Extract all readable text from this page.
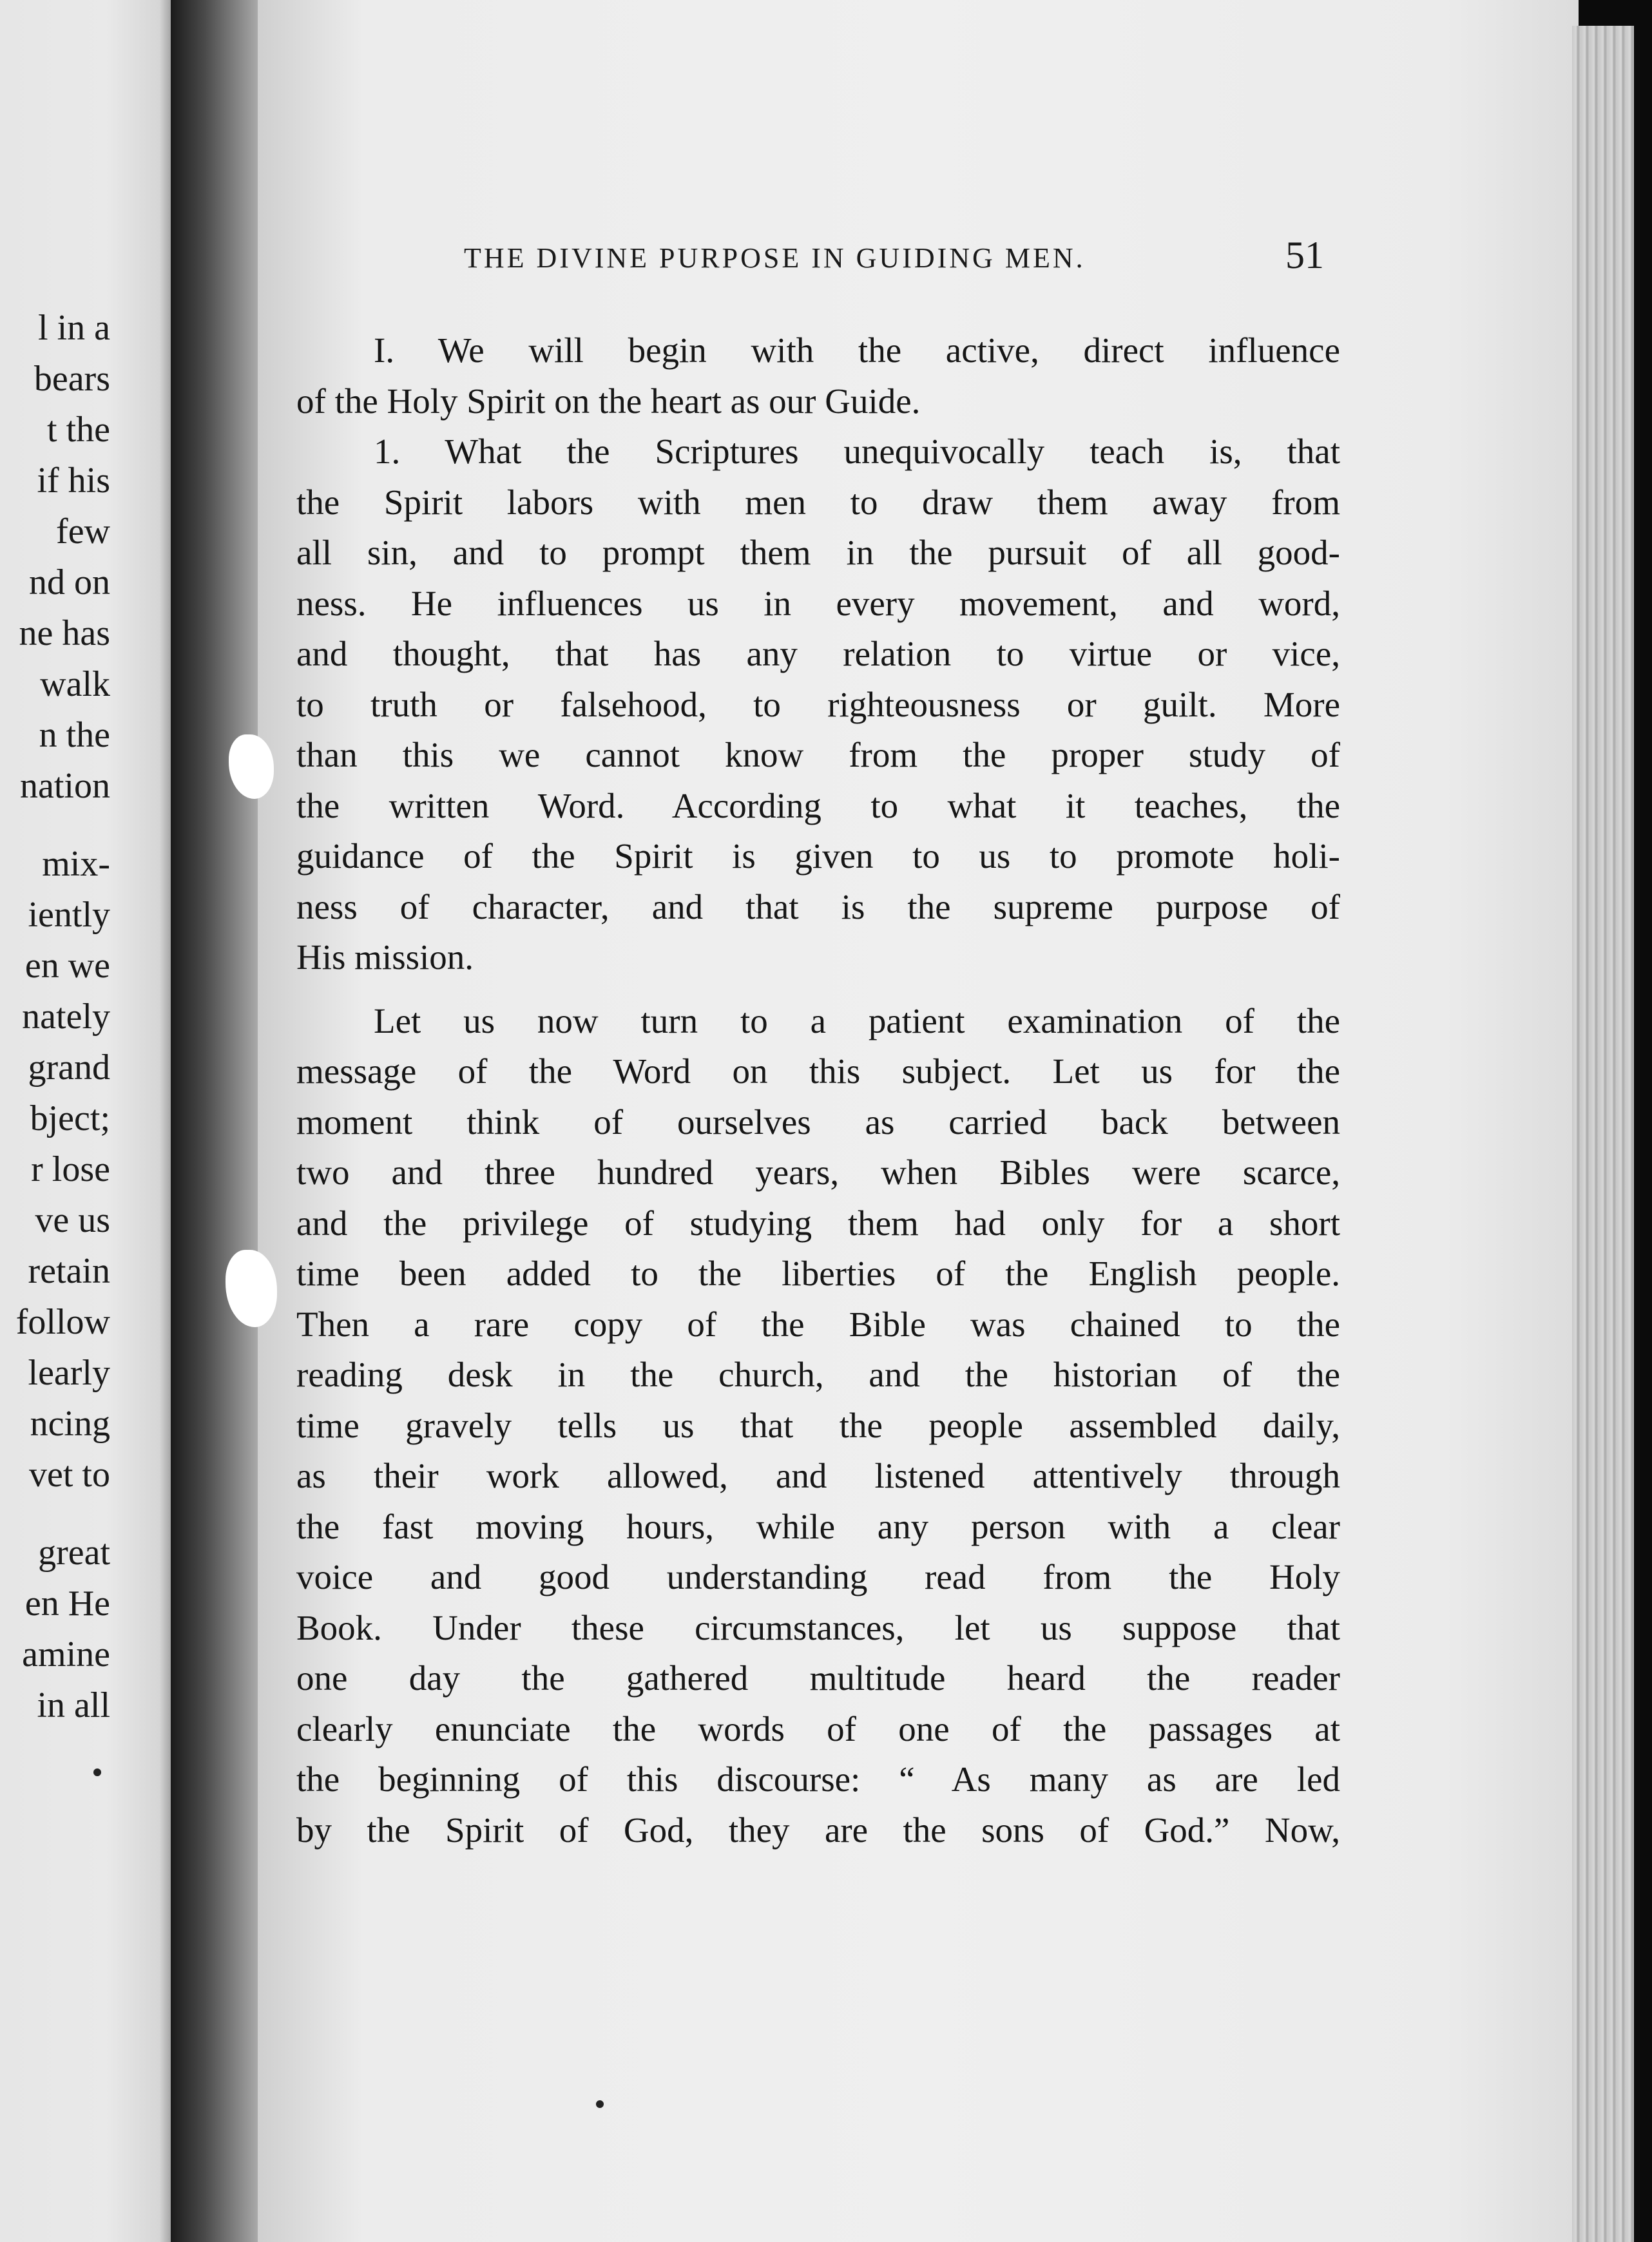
l in a
bears
t the
if his
few
nd on
ne has
walk
n the
nation
mix-
iently
en we
nately
grand
bject;
r lose
ve us
retain
follow
learly
ncing
vet to
great
en He
amine
in all
THE DIVINE PURPOSE IN GUIDING MEN.	51
I. We will begin with the active, direct influence
of the Holy Spirit on the heart as our Guide.
1. What the Scriptures unequivocally teach is, that
the Spirit labors with men to draw them away from
all sin, and to prompt them in the pursuit of all good-
ness. He influences us in every movement, and word,
and thought, that has any relation to virtue or vice,
to truth or falsehood, to righteousness or guilt. More
than this we cannot know from the proper study of
the written Word. According to what it teaches, the
guidance of the Spirit is given to us to promote holi-
ness of character, and that is the supreme purpose of
His mission.
Let us now turn to a patient examination of the
message of the Word on this subject. Let us for the
moment think of ourselves as carried back between
two and three hundred years, when Bibles were scarce,
and the privilege of studying them had only for a short
time been added to the liberties of the English people.
Then a rare copy of the Bible was chained to the
reading desk in the church, and the historian of the
time gravely tells us that the people assembled daily,
as their work allowed, and listened attentively through
the fast moving hours, while any person with a clear
voice and good understanding read from the Holy
Book. Under these circumstances, let us suppose that
one day the gathered multitude heard the reader
clearly enunciate the words of one of the passages at
the beginning of this discourse: “ As many as are led
by the Spirit of God, they are the sons of God.” Now,
